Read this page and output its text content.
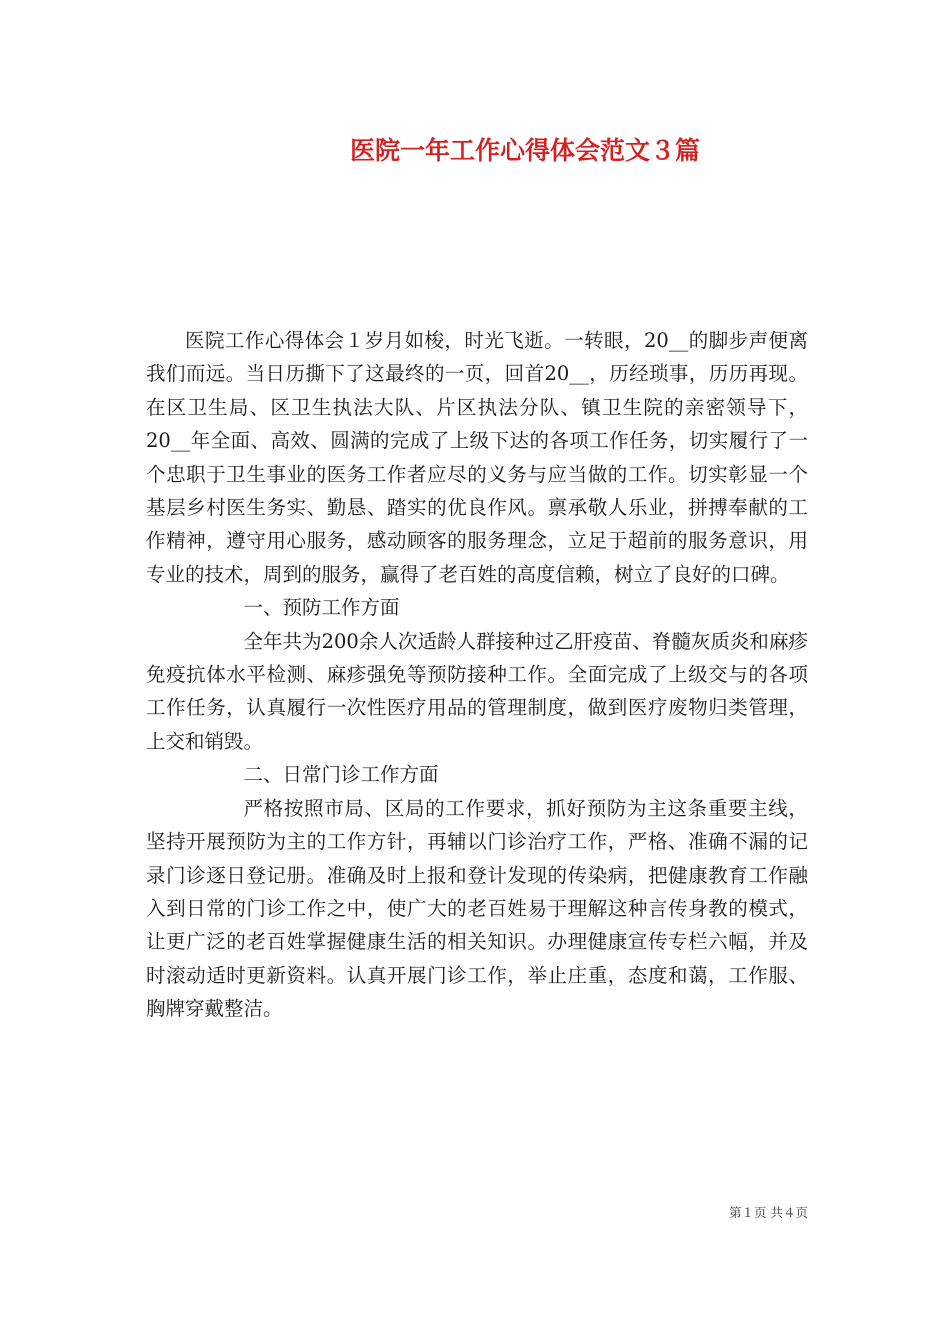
医院一年工作心得体会范文３篇

医院工作心得体会１岁月如梭，时光飞逝。一转眼，20__的脚步声便离我们而远。当日历撕下了这最终的一页，回首20__，历经琐事，历历再现。在区卫生局、区卫生执法大队、片区执法分队、镇卫生院的亲密领导下，20__年全面、高效、圆满的完成了上级下达的各项工作任务，切实履行了一个忠职于卫生事业的医务工作者应尽的义务与应当做的工作。切实彰显一个基层乡村医生务实、勤恳、踏实的优良作风。禀承敬人乐业，拼搏奉献的工作精神，遵守用心服务，感动顾客的服务理念，立足于超前的服务意识，用专业的技术，周到的服务，赢得了老百姓的高度信赖，树立了良好的口碑。

一、预防工作方面

全年共为200余人次适龄人群接种过乙肝疫苗、脊髓灰质炎和麻疹免疫抗体水平检测、麻疹强免等预防接种工作。全面完成了上级交与的各项工作任务，认真履行一次性医疗用品的管理制度，做到医疗废物归类管理，上交和销毁。

二、日常门诊工作方面

严格按照市局、区局的工作要求，抓好预防为主这条重要主线，坚持开展预防为主的工作方针，再辅以门诊治疗工作，严格、准确不漏的记录门诊逐日登记册。准确及时上报和登计发现的传染病，把健康教育工作融入到日常的门诊工作之中，使广大的老百姓易于理解这种言传身教的模式，让更广泛的老百姓掌握健康生活的相关知识。办理健康宣传专栏六幅，并及时滚动适时更新资料。认真开展门诊工作，举止庄重，态度和蔼，工作服、胸牌穿戴整洁。

第１页 共４页
